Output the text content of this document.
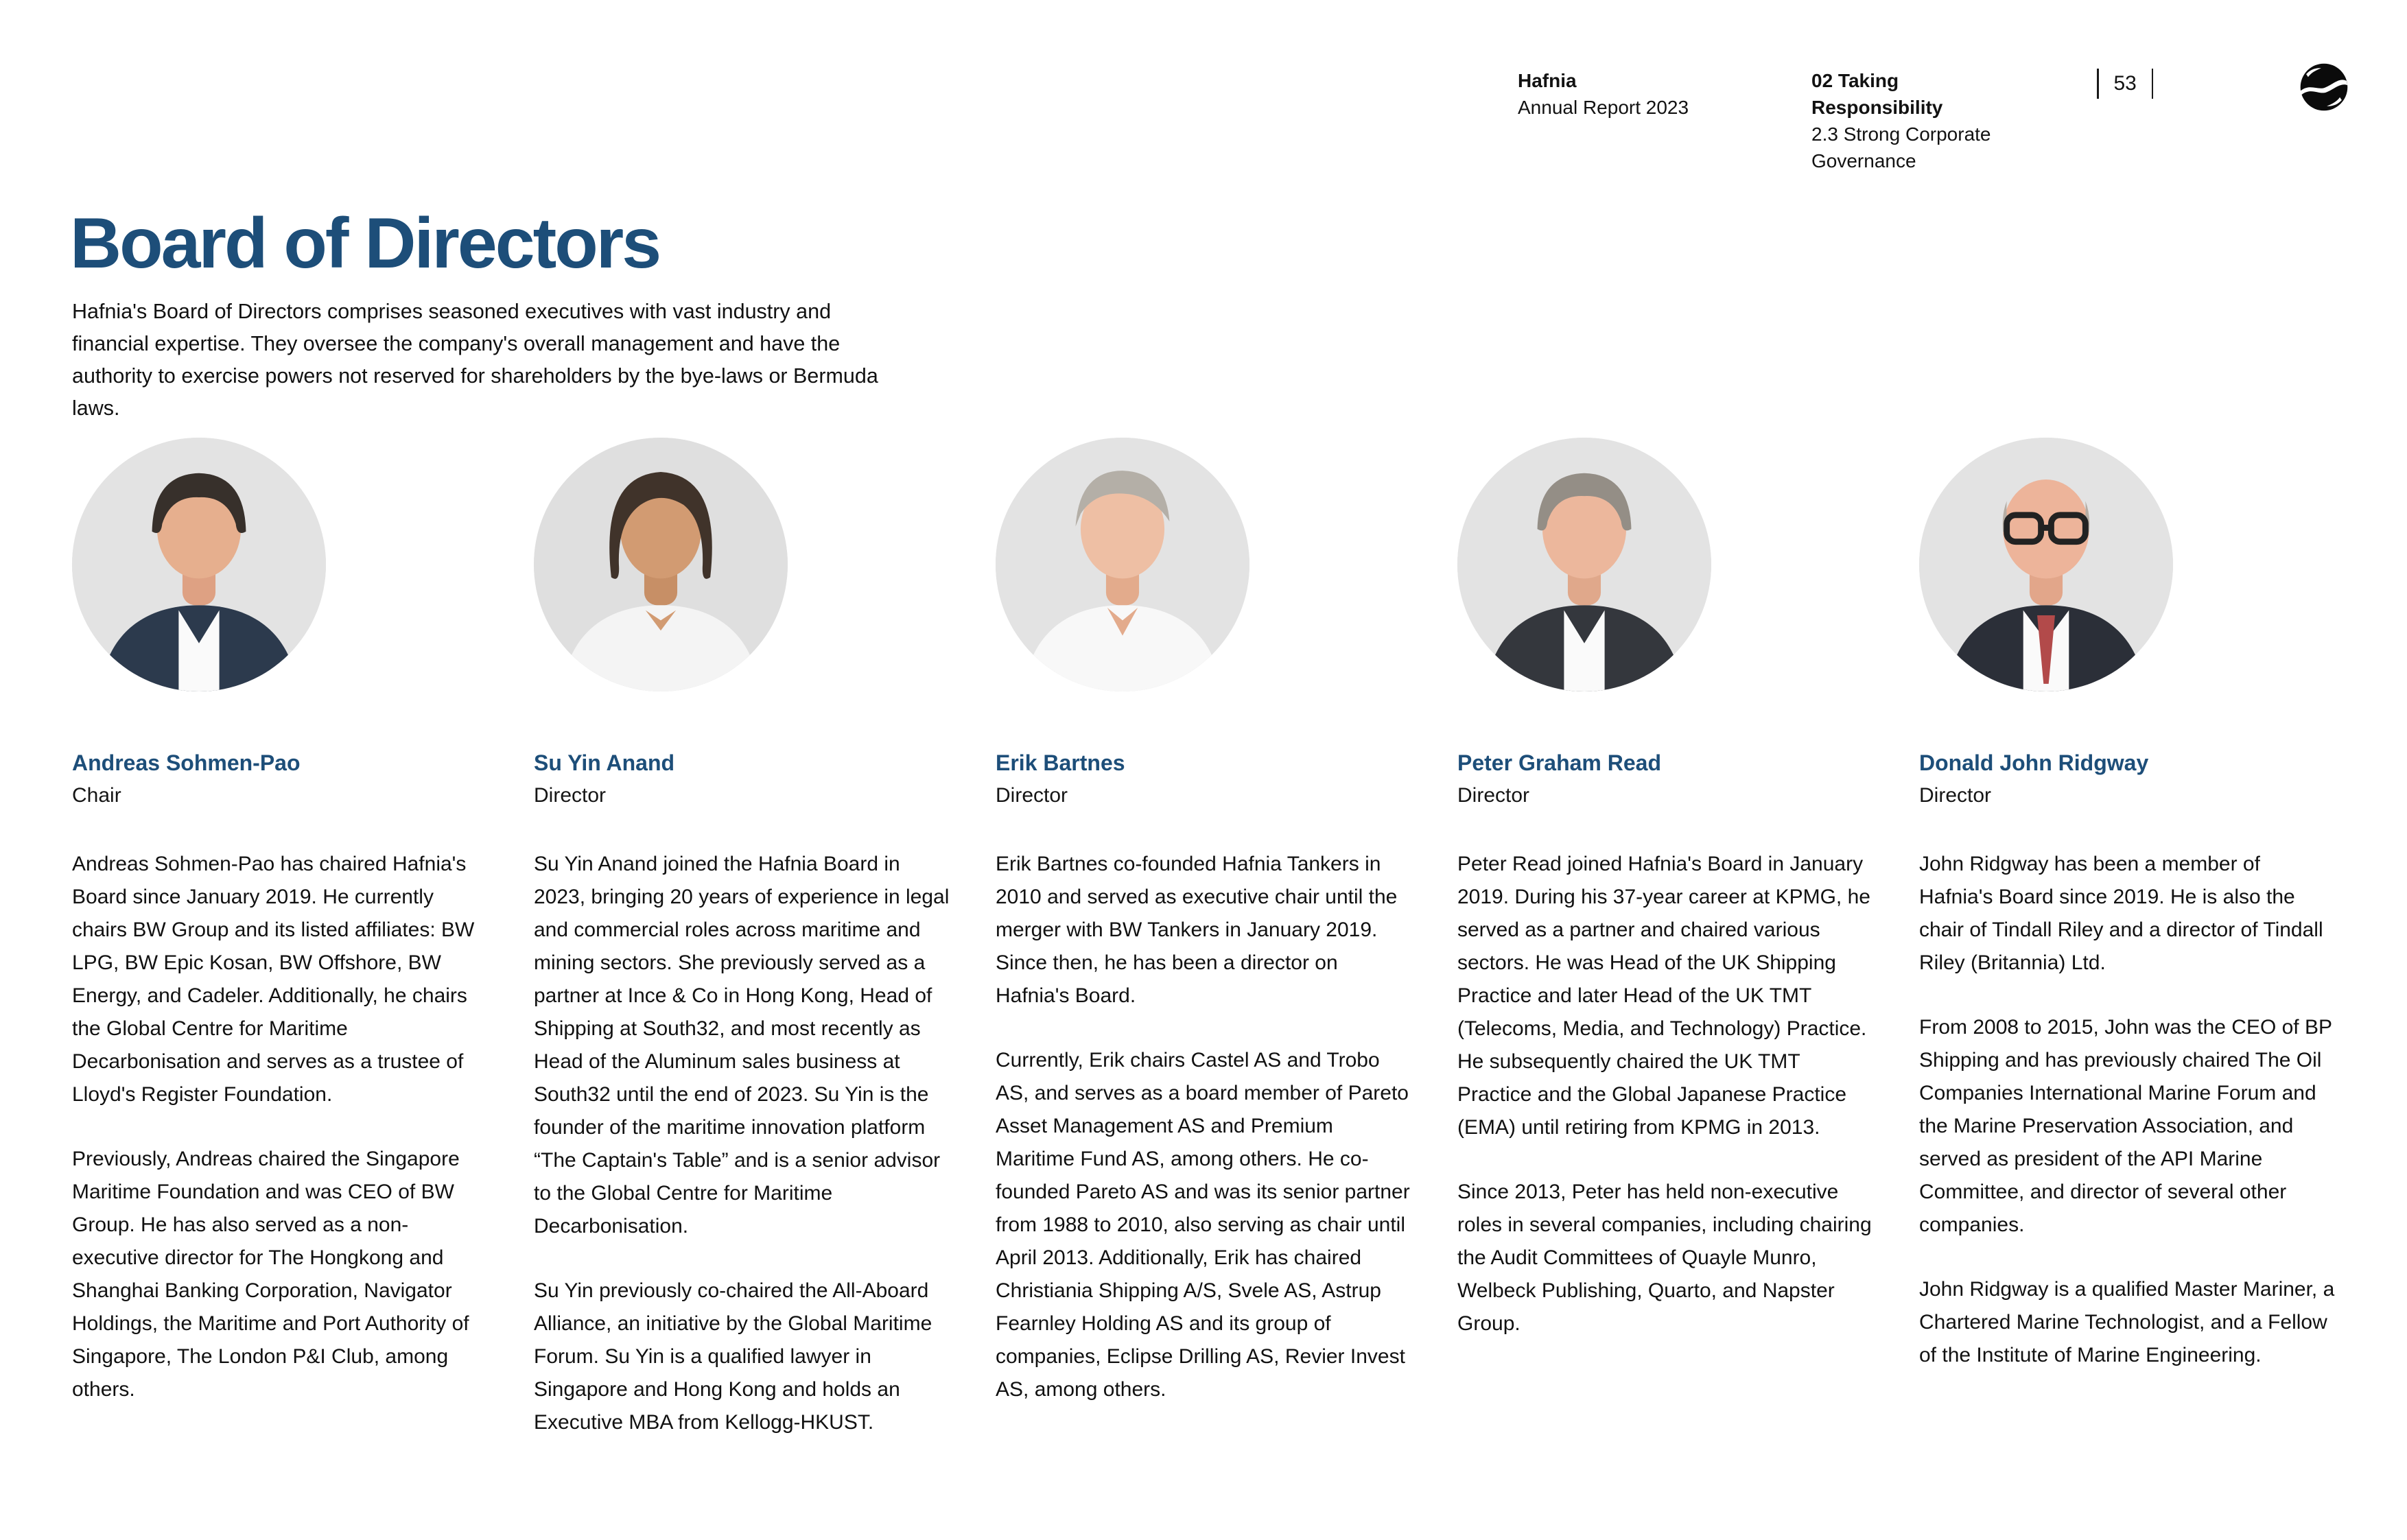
Hafnia
Annual Report 2023
02 Taking Responsibility
2.3 Strong Corporate Governance
53
Board of Directors

Hafnia's Board of Directors comprises seasoned executives with vast industry and financial expertise. They oversee the company's overall management and have the authority to exercise powers not reserved for shareholders by the bye-laws or Bermuda laws.

Andreas Sohmen-Pao
Chair

Andreas Sohmen-Pao has chaired Hafnia's Board since January 2019. He currently chairs BW Group and its listed affiliates: BW LPG, BW Epic Kosan, BW Offshore, BW Energy, and Cadeler. Additionally, he chairs the Global Centre for Maritime Decarbonisation and serves as a trustee of Lloyd's Register Foundation.

Previously, Andreas chaired the Singapore Maritime Foundation and was CEO of BW Group. He has also served as a non-executive director for The Hongkong and Shanghai Banking Corporation, Navigator Holdings, the Maritime and Port Authority of Singapore, The London P&I Club, among others.

Su Yin Anand
Director

Su Yin Anand joined the Hafnia Board in 2023, bringing 20 years of experience in legal and commercial roles across maritime and mining sectors. She previously served as a partner at Ince & Co in Hong Kong, Head of Shipping at South32, and most recently as Head of the Aluminum sales business at South32 until the end of 2023. Su Yin is the founder of the maritime innovation platform “The Captain's Table” and is a senior advisor to the Global Centre for Maritime Decarbonisation.

Su Yin previously co-chaired the All-Aboard Alliance, an initiative by the Global Maritime Forum. Su Yin is a qualified lawyer in Singapore and Hong Kong and holds an Executive MBA from Kellogg-HKUST.

Erik Bartnes
Director

Erik Bartnes co-founded Hafnia Tankers in 2010 and served as executive chair until the merger with BW Tankers in January 2019. Since then, he has been a director on Hafnia's Board.

Currently, Erik chairs Castel AS and Trobo AS, and serves as a board member of Pareto Asset Management AS and Premium Maritime Fund AS, among others. He co-founded Pareto AS and was its senior partner from 1988 to 2010, also serving as chair until April 2013. Additionally, Erik has chaired Christiania Shipping A/S, Svele AS, Astrup Fearnley Holding AS and its group of companies, Eclipse Drilling AS, Revier Invest AS, among others.

Peter Graham Read
Director

Peter Read joined Hafnia's Board in January 2019. During his 37-year career at KPMG, he served as a partner and chaired various sectors. He was Head of the UK Shipping Practice and later Head of the UK TMT (Telecoms, Media, and Technology) Practice. He subsequently chaired the UK TMT Practice and the Global Japanese Practice (EMA) until retiring from KPMG in 2013.

Since 2013, Peter has held non-executive roles in several companies, including chairing the Audit Committees of Quayle Munro, Welbeck Publishing, Quarto, and Napster Group.

Donald John Ridgway
Director

John Ridgway has been a member of Hafnia's Board since 2019. He is also the chair of Tindall Riley and a director of Tindall Riley (Britannia) Ltd.

From 2008 to 2015, John was the CEO of BP Shipping and has previously chaired The Oil Companies International Marine Forum and the Marine Preservation Association, and served as president of the API Marine Committee, and director of several other companies.

John Ridgway is a qualified Master Mariner, a Chartered Marine Technologist, and a Fellow of the Institute of Marine Engineering.
